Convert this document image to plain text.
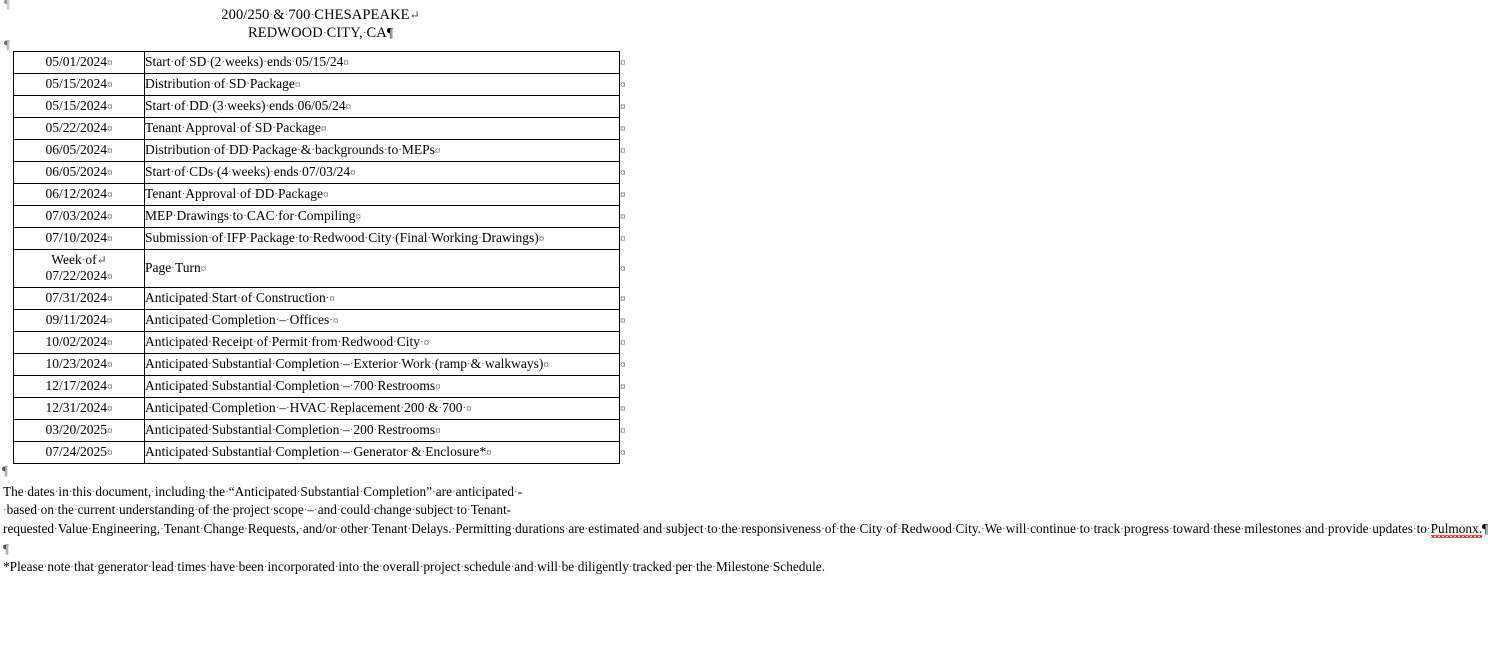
¶
200/250·&·700·CHESAPEAKE↵
REDWOOD·CITY,·CA¶
¶
05/01/2024¤	Start·of·SD·(2·weeks)·ends·05/15/24¤	¤
05/15/2024¤	Distribution·of·SD·Package¤	¤
05/15/2024¤	Start·of·DD·(3·weeks)·ends·06/05/24¤	¤
05/22/2024¤	Tenant·Approval·of·SD·Package¤	¤
06/05/2024¤	Distribution·of·DD·Package·&·backgrounds·to·MEPs¤	¤
06/05/2024¤	Start·of·CDs·(4·weeks)·ends·07/03/24¤	¤
06/12/2024¤	Tenant·Approval·of·DD·Package¤	¤
07/03/2024¤	MEP·Drawings·to·CAC·for·Compiling¤	¤
07/10/2024¤	Submission·of·IFP·Package·to·Redwood·City·(Final·Working·Drawings)¤	¤

Week·of↵
07/22/2024¤	Page·Turn¤	¤
07/31/2024¤	Anticipated·Start·of·Construction·¤	¤
09/11/2024¤	Anticipated·Completion·–·Offices·¤	¤
10/02/2024¤	Anticipated·Receipt·of·Permit·from·Redwood·City·¤	¤
10/23/2024¤	Anticipated·Substantial·Completion·–·Exterior·Work·(ramp·&·walkways)¤	¤
12/17/2024¤	Anticipated·Substantial·Completion·–·700·Restrooms¤	¤
12/31/2024¤	Anticipated·Completion·–·HVAC·Replacement·200·&·700·¤	¤
03/20/2025¤	Anticipated·Substantial·Completion·–·200·Restrooms¤	¤
07/24/2025¤	Anticipated·Substantial·Completion·–·Generator·&·Enclosure*¤	¤
¶
The·dates·in·this·document,·including·the·“Anticipated·Substantial·Completion”·are·anticipated·-·based·on·the·current·understanding·of·the·project·scope·–·and·could·change·subject·to·Tenant-requested·Value·Engineering,·Tenant·Change·Requests,·and/or·other·Tenant·Delays.·Permitting·durations·are·estimated·and·subject·to·the·responsiveness·of·the·City·of·Redwood·City.·We·will·continue·to·track·progress·toward·these·milestones·and·provide·updates·to·Pulmonx.¶
¶
*Please·note·that·generator·lead·times·have·been·incorporated·into·the·overall·project·schedule·and·will·be·diligently·tracked·per·the·Milestone·Schedule.
